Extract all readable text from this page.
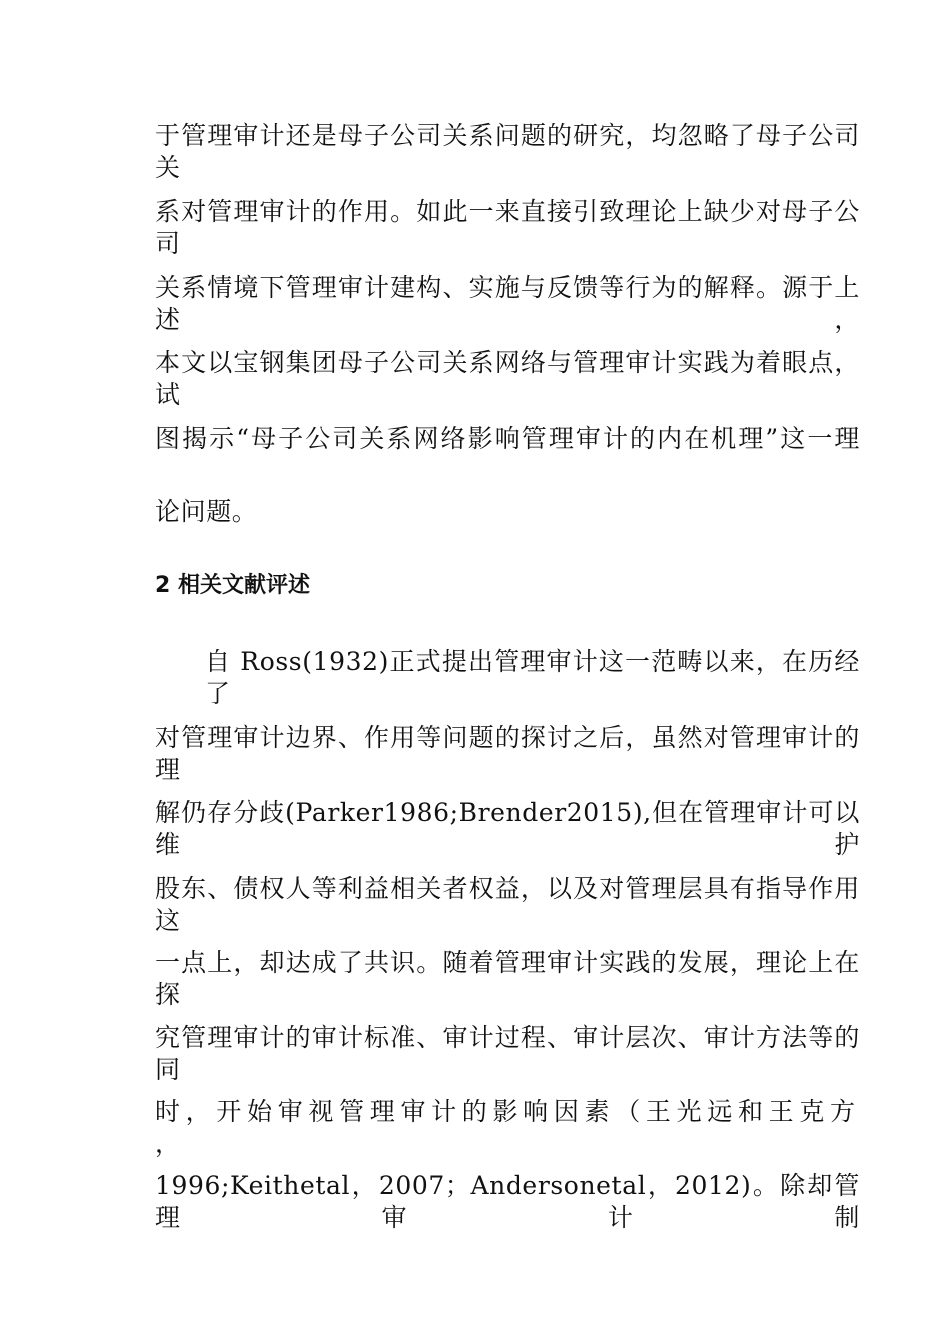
于管理审计还是母子公司关系问题的研究，均忽略了母子公司关
系对管理审计的作用。如此一来直接引致理论上缺少对母子公司
关系情境下管理审计建构、实施与反馈等行为的解释。源于上述，
本文以宝钢集团母子公司关系网络与管理审计实践为着眼点，试
图揭示“母子公司关系网络影响管理审计的内在机理”这一理
论问题。
2 相关文献评述
自 Ross(1932)正式提出管理审计这一范畴以来，在历经了
对管理审计边界、作用等问题的探讨之后，虽然对管理审计的理
解仍存分歧(Parker1986;Brender2015),但在管理审计可以维护
股东、债权人等利益相关者权益，以及对管理层具有指导作用这
一点上，却达成了共识。随着管理审计实践的发展，理论上在探
究管理审计的审计标准、审计过程、审计层次、审计方法等的同
时，开始审视管理审计的影响因素（王光远和王克方 ，
1996;Keithetal，2007；Andersonetal，2012)。除却管理审计制
